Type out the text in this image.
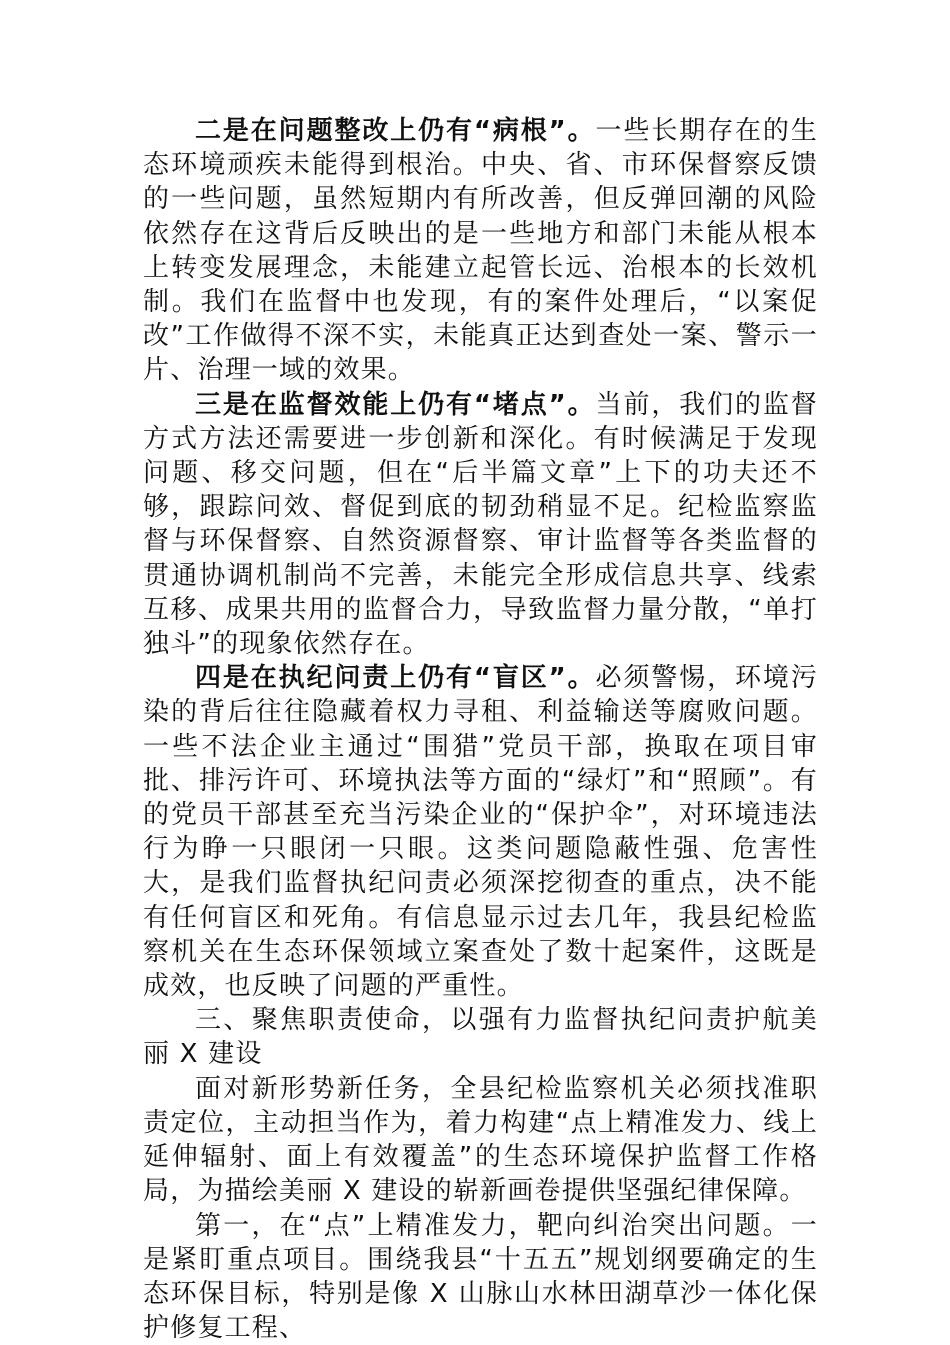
二是在问题整改上仍有“病根”。一些长期存在的生态环境顽疾未能得到根治。中央、省、市环保督察反馈的一些问题，虽然短期内有所改善，但反弹回潮的风险依然存在这背后反映出的是一些地方和部门未能从根本上转变发展理念，未能建立起管长远、治根本的长效机制。我们在监督中也发现，有的案件处理后，“以案促改”工作做得不深不实，未能真正达到查处一案、警示一片、治理一域的效果。

三是在监督效能上仍有“堵点”。当前，我们的监督方式方法还需要进一步创新和深化。有时候满足于发现问题、移交问题，但在“后半篇文章”上下的功夫还不够，跟踪问效、督促到底的韧劲稍显不足。纪检监察监督与环保督察、自然资源督察、审计监督等各类监督的贯通协调机制尚不完善，未能完全形成信息共享、线索互移、成果共用的监督合力，导致监督力量分散，“单打独斗”的现象依然存在。

四是在执纪问责上仍有“盲区”。必须警惕，环境污染的背后往往隐藏着权力寻租、利益输送等腐败问题。一些不法企业主通过“围猎”党员干部，换取在项目审批、排污许可、环境执法等方面的“绿灯”和“照顾”。有的党员干部甚至充当污染企业的“保护伞”，对环境违法行为睁一只眼闭一只眼。这类问题隐蔽性强、危害性大，是我们监督执纪问责必须深挖彻查的重点，决不能有任何盲区和死角。有信息显示过去几年，我县纪检监察机关在生态环保领域立案查处了数十起案件，这既是成效，也反映了问题的严重性。

三、聚焦职责使命，以强有力监督执纪问责护航美丽 X 建设

面对新形势新任务，全县纪检监察机关必须找准职责定位，主动担当作为，着力构建“点上精准发力、线上延伸辐射、面上有效覆盖”的生态环境保护监督工作格局，为描绘美丽 X 建设的崭新画卷提供坚强纪律保障。

第一，在“点”上精准发力，靶向纠治突出问题。一是紧盯重点项目。围绕我县“十五五”规划纲要确定的生态环保目标，特别是像 X 山脉山水林田湖草沙一体化保护修复工程、
